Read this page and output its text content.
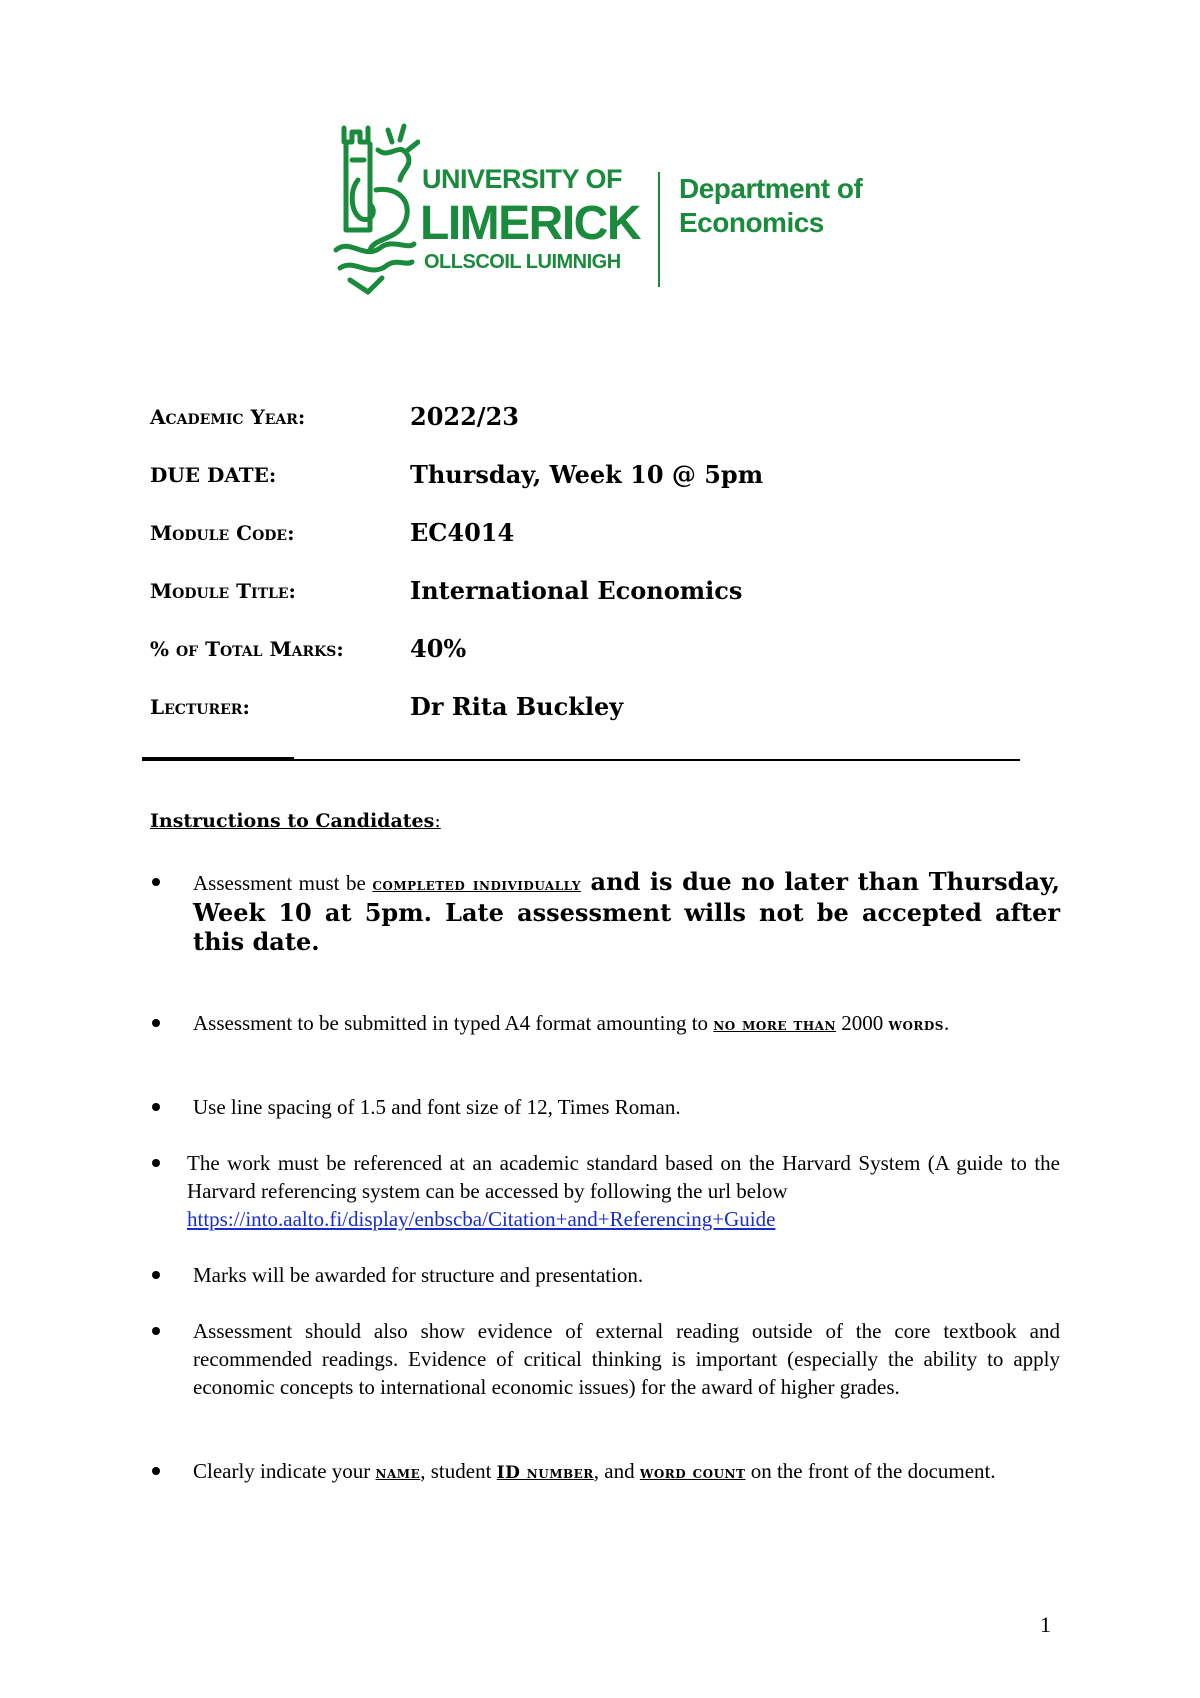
UNIVERSITY OF
LIMERICK
OLLSCOIL LUIMNIGH
Department of Economics
Academic Year:	2022/23
DUE DATE:	Thursday, Week 10 @ 5pm
Module Code:	EC4014
Module Title:	International Economics
% of Total Marks:	40%
Lecturer:	Dr Rita Buckley
Instructions to Candidates:
Assessment must be completed individually and is due no later than Thursday, Week 10 at 5pm. Late assessment wills not be accepted after this date.
Assessment to be submitted in typed A4 format amounting to no more than 2000 words.
Use line spacing of 1.5 and font size of 12, Times Roman.
The work must be referenced at an academic standard based on the Harvard System (A guide to the Harvard referencing system can be accessed by following the url below
https://into.aalto.fi/display/enbscba/Citation+and+Referencing+Guide
Marks will be awarded for structure and presentation.
Assessment should also show evidence of external reading outside of the core textbook and recommended readings. Evidence of critical thinking is important (especially the ability to apply economic concepts to international economic issues) for the award of higher grades.
Clearly indicate your name, student ID number, and word count on the front of the document.
1
